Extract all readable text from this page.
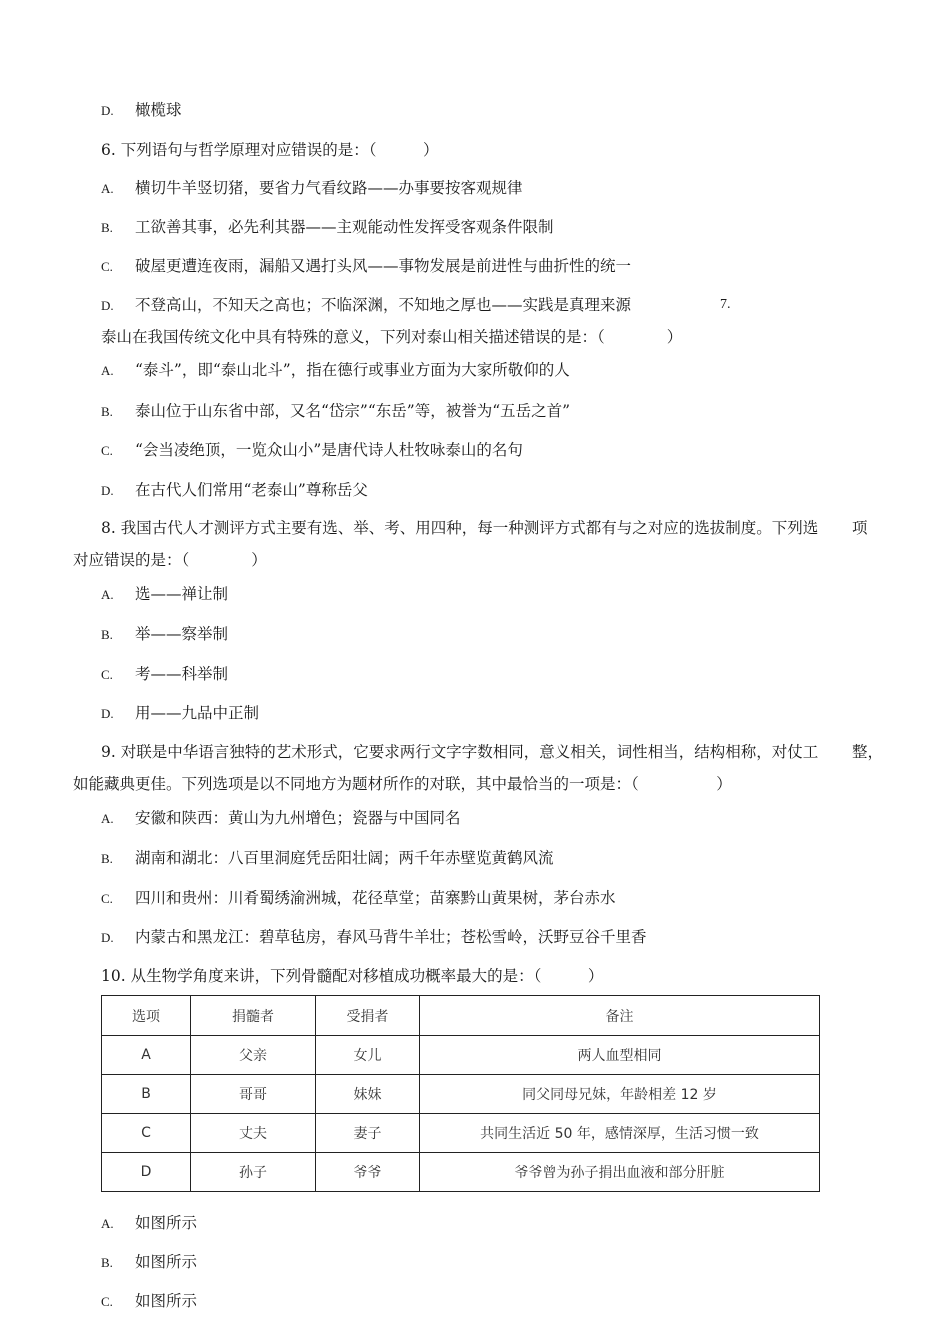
D. 橄榄球
6. 下列语句与哲学原理对应错误的是：（　　　）
A. 横切牛羊竖切猪，要省力气看纹路——办事要按客观规律
B. 工欲善其事，必先利其器——主观能动性发挥受客观条件限制
C. 破屋更遭连夜雨，漏船又遇打头风——事物发展是前进性与曲折性的统一
D. 不登高山，不知天之高也；不临深渊，不知地之厚也——实践是真理来源	7.
泰山在我国传统文化中具有特殊的意义，下列对泰山相关描述错误的是：（　　　　）
A. “泰斗”，即“泰山北斗”，指在德行或事业方面为大家所敬仰的人
B. 泰山位于山东省中部，又名“岱宗”“东岳”等，被誉为“五岳之首”
C. “会当凌绝顶，一览众山小”是唐代诗人杜牧咏泰山的名句
D. 在古代人们常用“老泰山”尊称岳父
8. 我国古代人才测评方式主要有选、举、考、用四种，每一种测评方式都有与之对应的选拔制度。下列选 项
对应错误的是：（　　　　）
A. 选——禅让制
B. 举——察举制
C. 考——科举制
D. 用——九品中正制
9. 对联是中华语言独特的艺术形式，它要求两行文字字数相同，意义相关，词性相当，结构相称，对仗工 整，
如能藏典更佳。下列选项是以不同地方为题材所作的对联，其中最恰当的一项是：（　　　　　）
A. 安徽和陕西：黄山为九州增色；瓷器与中国同名
B. 湖南和湖北：八百里洞庭凭岳阳壮阔；两千年赤壁览黄鹤风流
C. 四川和贵州：川肴蜀绣渝洲城，花径草堂；苗寨黔山黄果树，茅台赤水
D. 内蒙古和黑龙江：碧草毡房，春风马背牛羊壮；苍松雪岭，沃野豆谷千里香
10. 从生物学角度来讲，下列骨髓配对移植成功概率最大的是：（　　　）
选项	捐髓者	受捐者	备注
A	父亲	女儿	两人血型相同
B	哥哥	妹妹	同父同母兄妹，年龄相差 12 岁
C	丈夫	妻子	共同生活近 50 年，感情深厚，生活习惯一致
D	孙子	爷爷	爷爷曾为孙子捐出血液和部分肝脏
A. 如图所示
B. 如图所示
C. 如图所示
